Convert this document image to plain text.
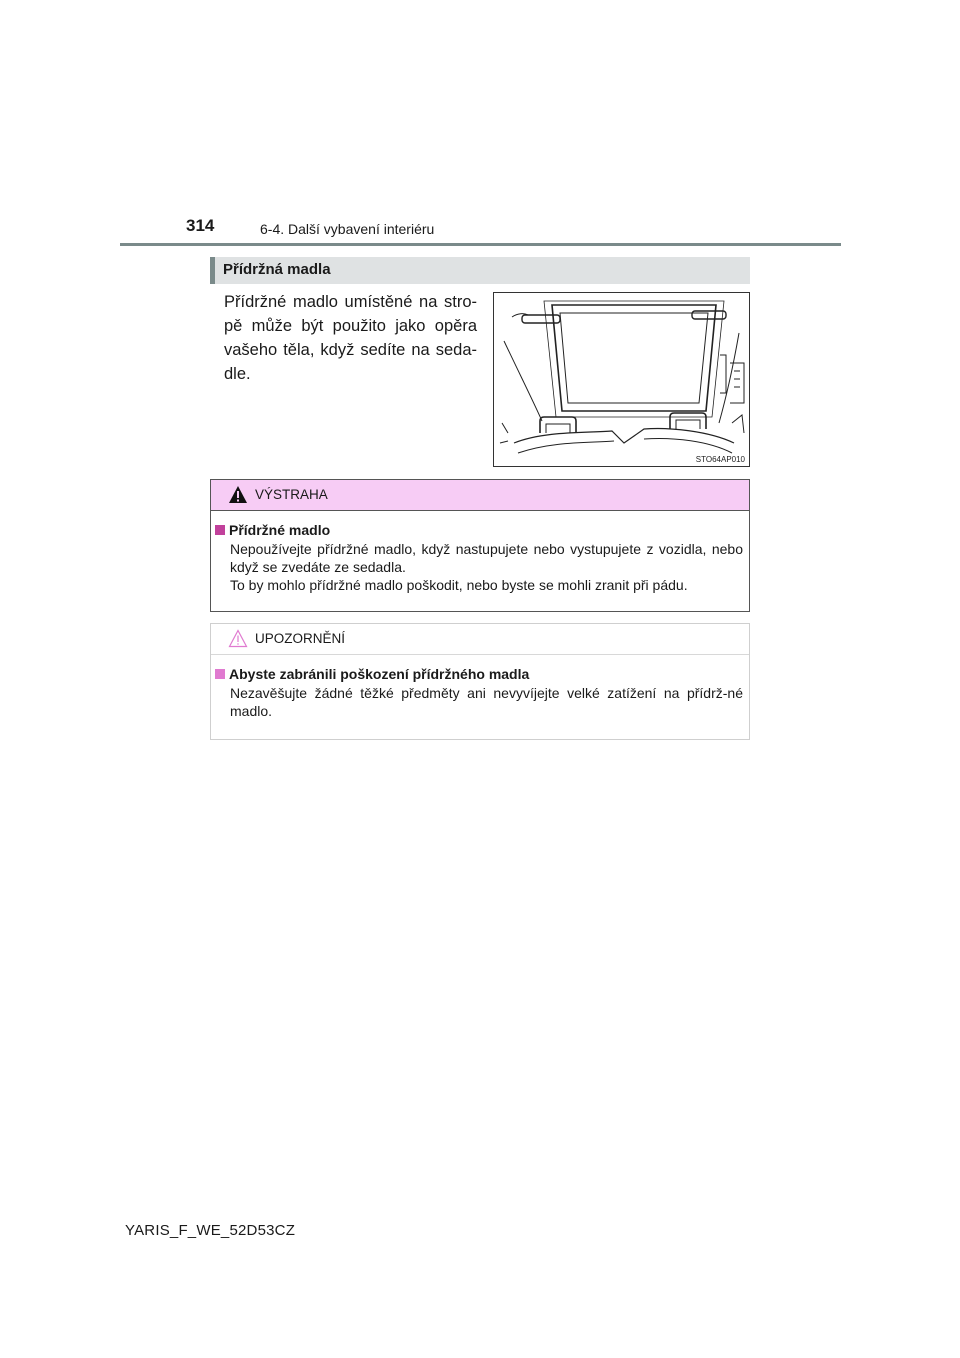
314	6-4. Další vybavení interiéru
Přídržná madla
Přídržné madlo umístěné na stro-pě může být použito jako opěra vašeho těla, když sedíte na seda-dle.
STO64AP010
VÝSTRAHA
Přídržné madlo
Nepoužívejte přídržné madlo, když nastupujete nebo vystupujete z vozidla, nebo když se zvedáte ze sedadla.
To by mohlo přídržné madlo poškodit, nebo byste se mohli zranit při pádu.
UPOZORNĚNÍ
Abyste zabránili poškození přídržného madla
Nezavěšujte žádné těžké předměty ani nevyvíjejte velké zatížení na přídrž-né madlo.
YARIS_F_WE_52D53CZ
